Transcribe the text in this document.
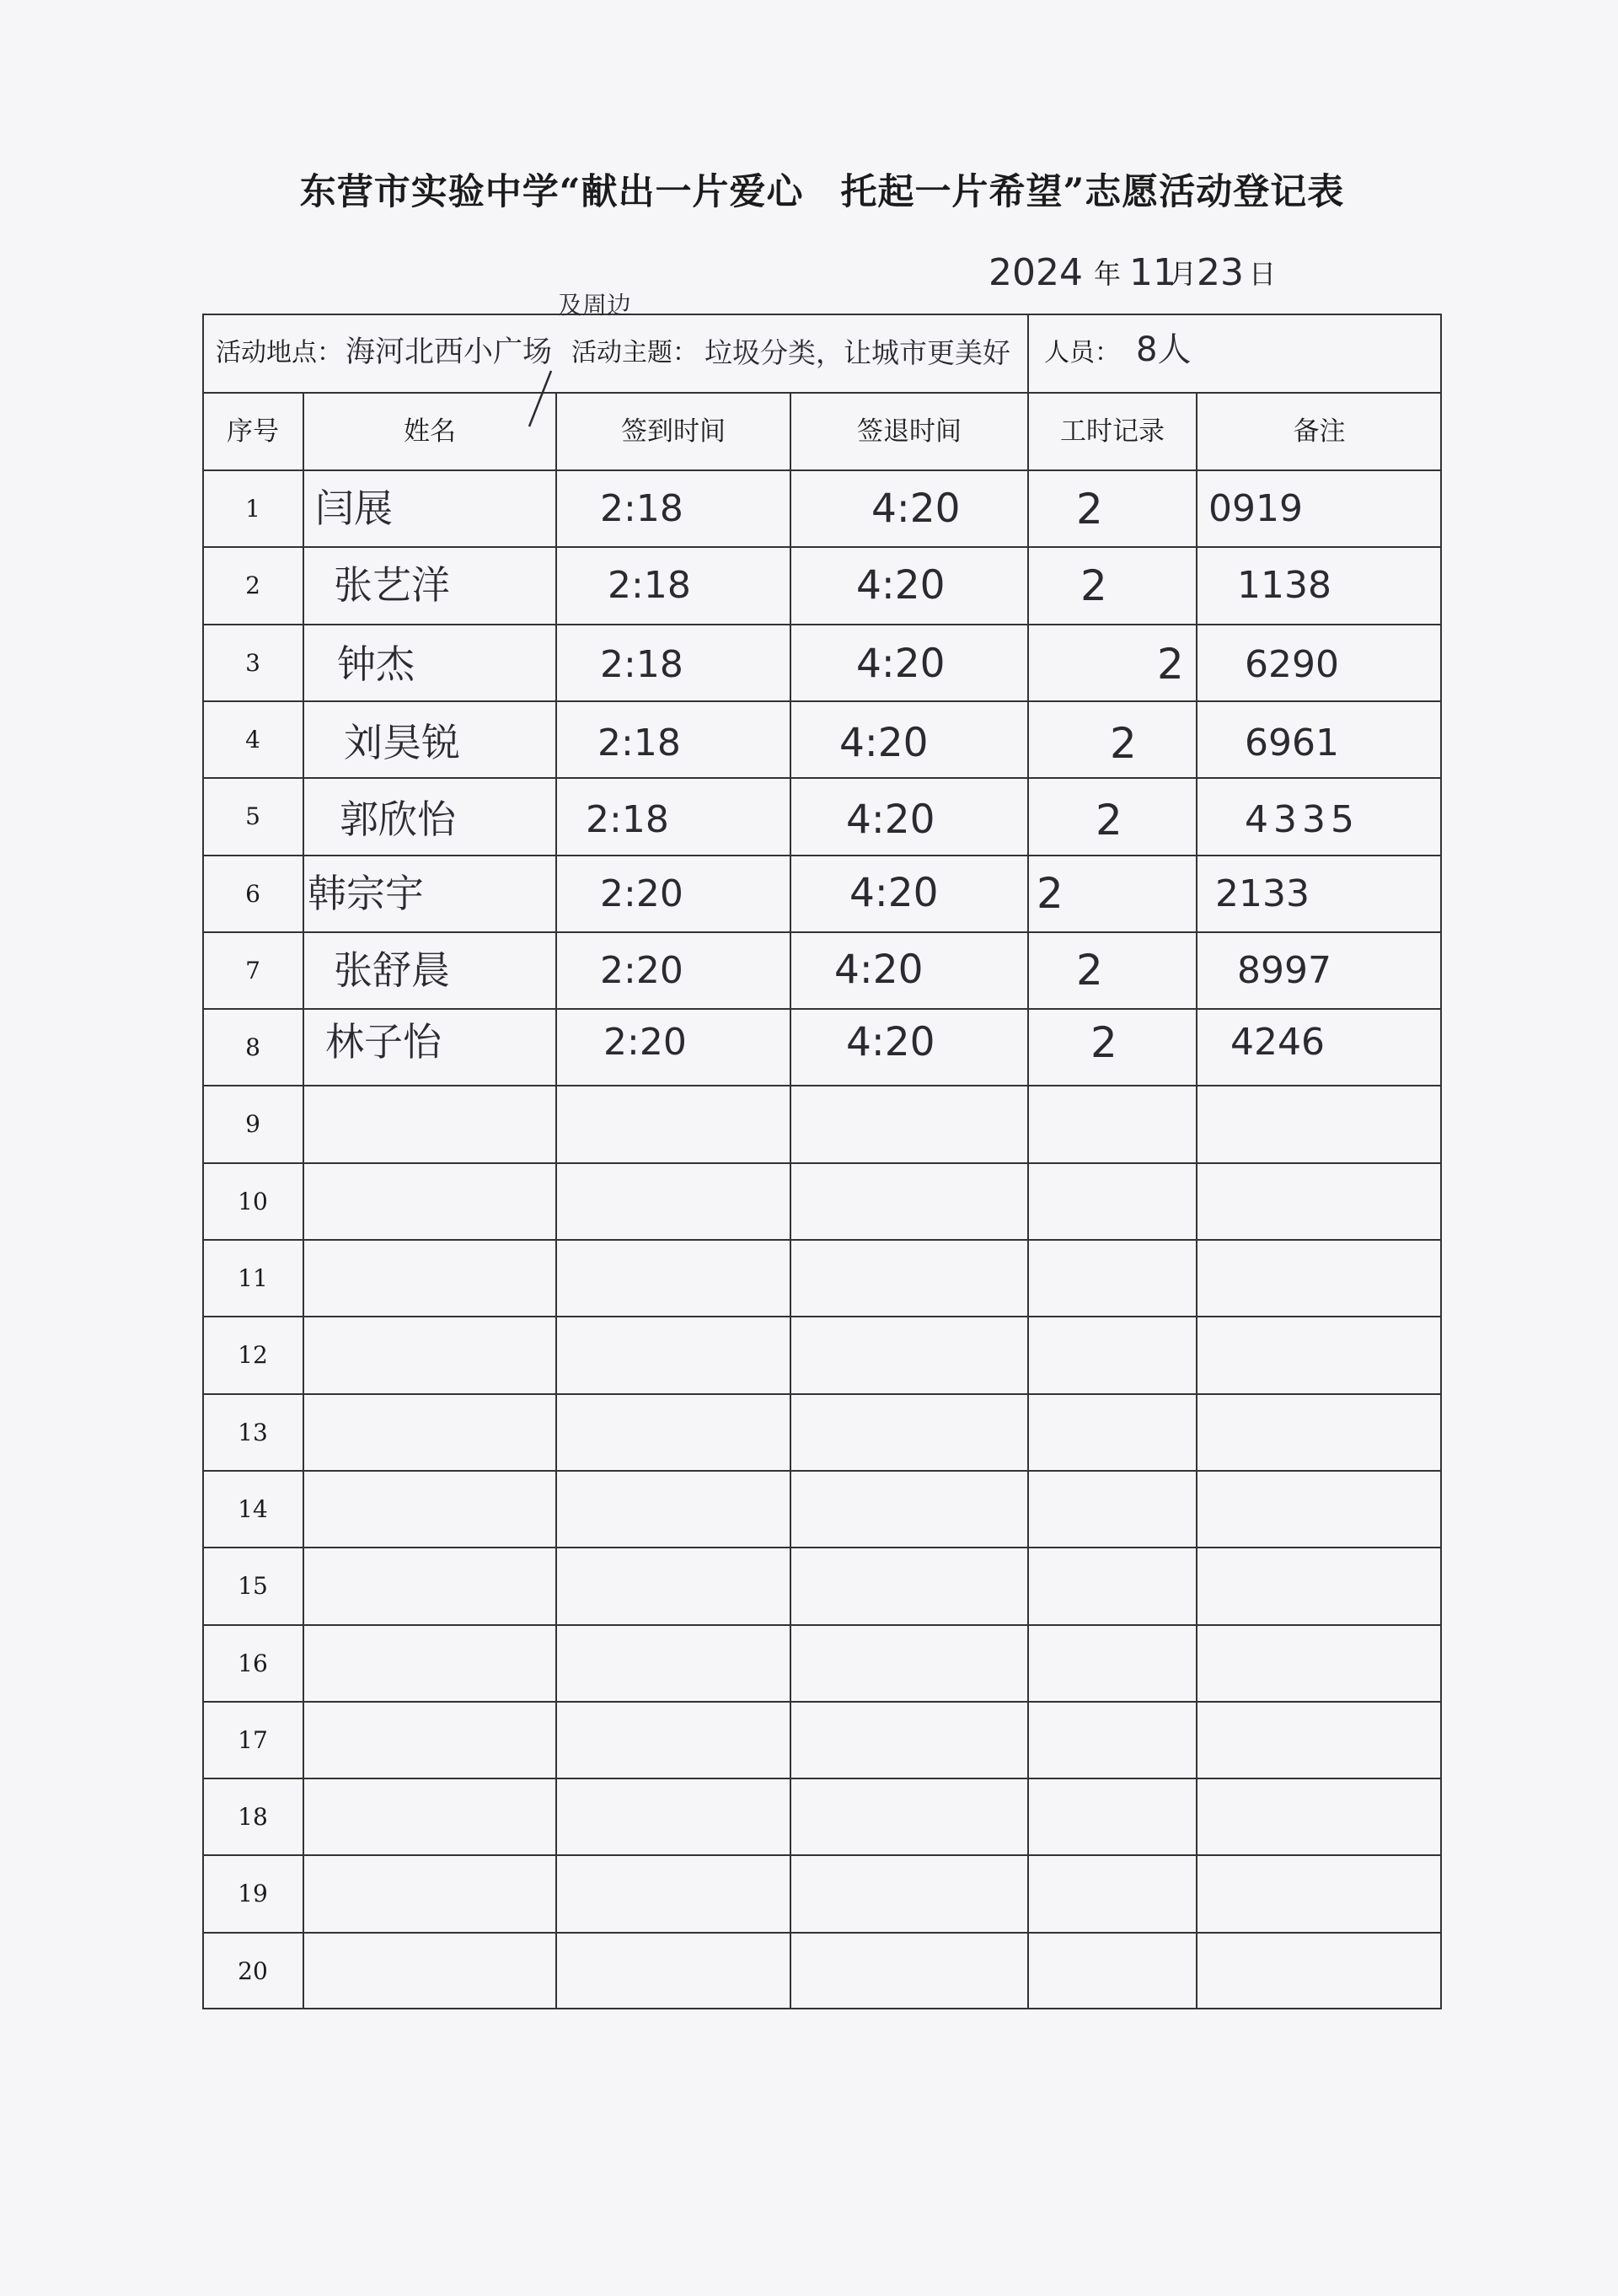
东营市实验中学“献出一片爱心　托起一片希望”志愿活动登记表
2024 年 11
月 23 日
活动地点： 海河北西小广场
及周边
活动主题： 垃圾分类，让城市更美好 人员： 8人
序号	姓名	签到时间	签退时间	工时记录	备注
1	闫展	2:18	4:20	2	0919
2	张艺洋	2:18	4:20	2	1138
3	钟杰	2:18	4:20	2 6290
4	刘昊锐	2:18	4:20	2	6961
5	郭欣怡	2:18	4:20	2	4335
6	韩宗宇	2:20	4:20 2	2133
7	张舒晨	2:20	4:20	2	8997
8	林子怡	2:20	4:20	2	4246
9
10
11
12
13
14
15
16
17
18
19
20
